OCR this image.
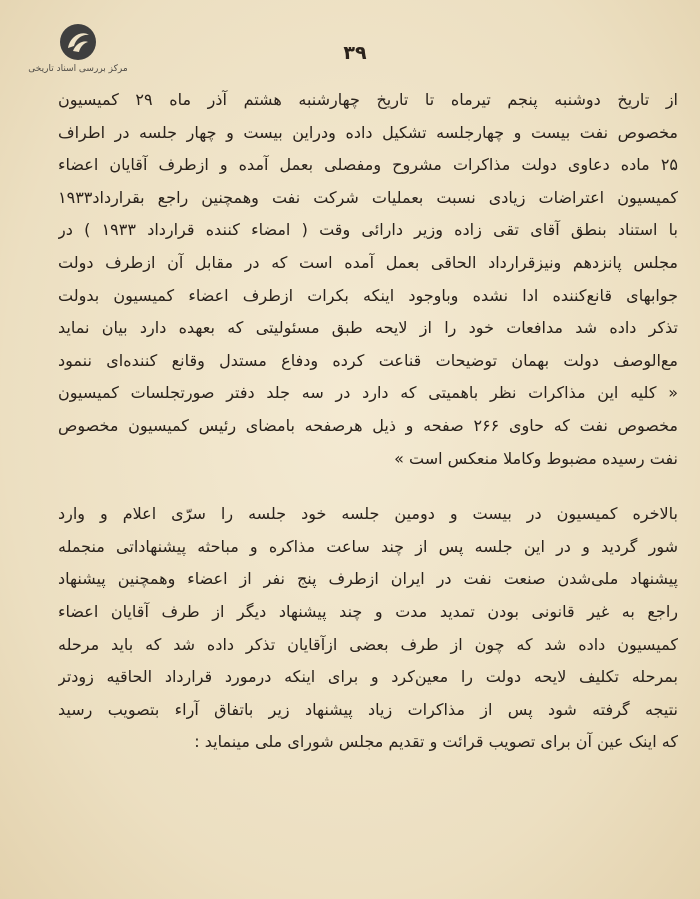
مرکز بررسی اسناد تاریخی
۳۹
از تاریخ دوشنبه پنجم تیرماه تا تاریخ چهارشنبه هشتم آذر ماه ۲۹ کمیسیون
مخصوص نفت بیست و چهارجلسه تشکیل داده ودراین بیست و چهار جلسه در اطراف
۲۵ ماده دعاوی دولت مذاکرات مشروح ومفصلی بعمل آمده و ازطرف آقایان اعضاء
کمیسیون اعتراضات زیادی نسبت بعملیات شرکت نفت وهمچنین راجع بقرارداد۱۹۳۳
با استناد بنطق آقای تقی زاده وزیر دارائی وقت ( امضاء کننده قرارداد ۱۹۳۳ ) در
مجلس پانزدهم ونیزقرارداد الحاقی بعمل آمده است که در مقابل آن ازطرف دولت
جوابهای قانع‌کننده ادا نشده وباوجود اینکه بکرات ازطرف اعضاء کمیسیون بدولت
تذکر داده شد مدافعات خود را از لایحه طبق مسئولیتی که بعهده دارد بیان نماید
مع‌الوصف دولت بهمان توضیحات قناعت کرده ودفاع مستدل وقانع کننده‌ای ننمود
« کلیه این مذاکرات نظر باهمیتی که دارد در سه جلد دفتر صورتجلسات کمیسیون
مخصوص نفت که حاوی ۲۶۶ صفحه و ذیل هرصفحه بامضای رئیس کمیسیون مخصوص
نفت رسیده مضبوط وکاملا منعکس است »
بالاخره کمیسیون در بیست و دومین جلسه خود جلسه را سرّی اعلام و وارد
شور گردید و در این جلسه پس از چند ساعت مذاکره و مباحثه پیشنهاداتی منجمله
پیشنهاد ملی‌شدن صنعت نفت در ایران ازطرف پنج نفر از اعضاء وهمچنین پیشنهاد
راجع به غیر قانونی بودن تمدید مدت و چند پیشنهاد دیگر از طرف آقایان اعضاء
کمیسیون داده شد که چون از طرف بعضی ازآقایان تذکر داده شد که باید مرحله
بمرحله تکلیف لایحه دولت را معین‌کرد و برای اینکه درمورد قرارداد الحاقیه زودتر
نتیجه گرفته شود پس از مذاکرات زیاد پیشنهاد زیر باتفاق آراء بتصویب رسید
که اینک عین آن برای تصویب قرائت و تقدیم مجلس شورای ملی مینماید :
